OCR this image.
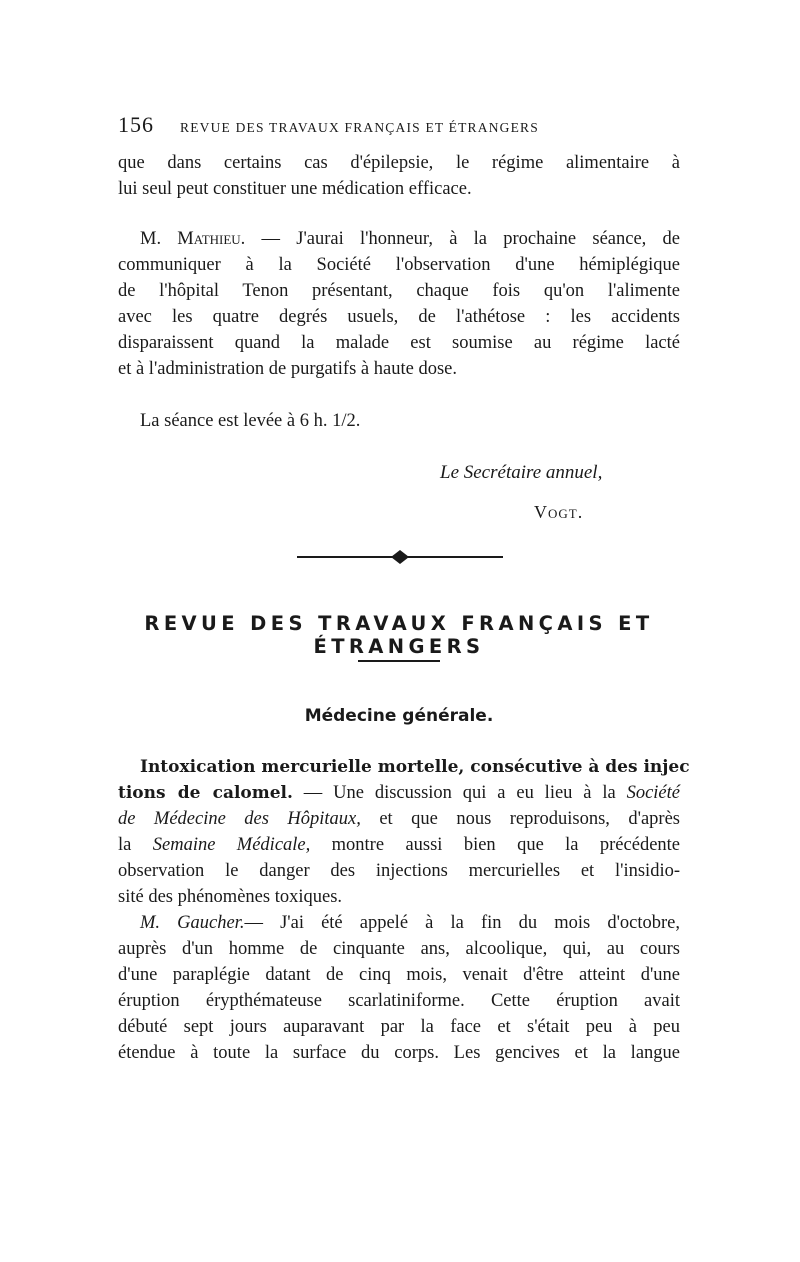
156 REVUE DES TRAVAUX FRANÇAIS ET ÉTRANGERS
que dans certains cas d'épilepsie, le régime alimentaire à
lui seul peut constituer une médication efficace.
M. Mathieu. — J'aurai l'honneur, à la prochaine séance, de
communiquer à la Société l'observation d'une hémiplégique
de l'hôpital Tenon présentant, chaque fois qu'on l'alimente
avec les quatre degrés usuels, de l'athétose : les accidents
disparaissent quand la malade est soumise au régime lacté
et à l'administration de purgatifs à haute dose.
La séance est levée à 6 h. 1/2.
Le Secrétaire annuel,
Vogt.
REVUE DES TRAVAUX FRANÇAIS ET ÉTRANGERS
Médecine générale.
Intoxication mercurielle mortelle, consécutive à des injec
tions de calomel. — Une discussion qui a eu lieu à la Société
de Médecine des Hôpitaux, et que nous reproduisons, d'après
la Semaine Médicale, montre aussi bien que la précédente
observation le danger des injections mercurielles et l'insidio-
sité des phénomènes toxiques.
M. Gaucher.— J'ai été appelé à la fin du mois d'octobre,
auprès d'un homme de cinquante ans, alcoolique, qui, au cours
d'une paraplégie datant de cinq mois, venait d'être atteint d'une
éruption érypthémateuse scarlatiniforme. Cette éruption avait
débuté sept jours auparavant par la face et s'était peu à peu
étendue à toute la surface du corps. Les gencives et la langue
